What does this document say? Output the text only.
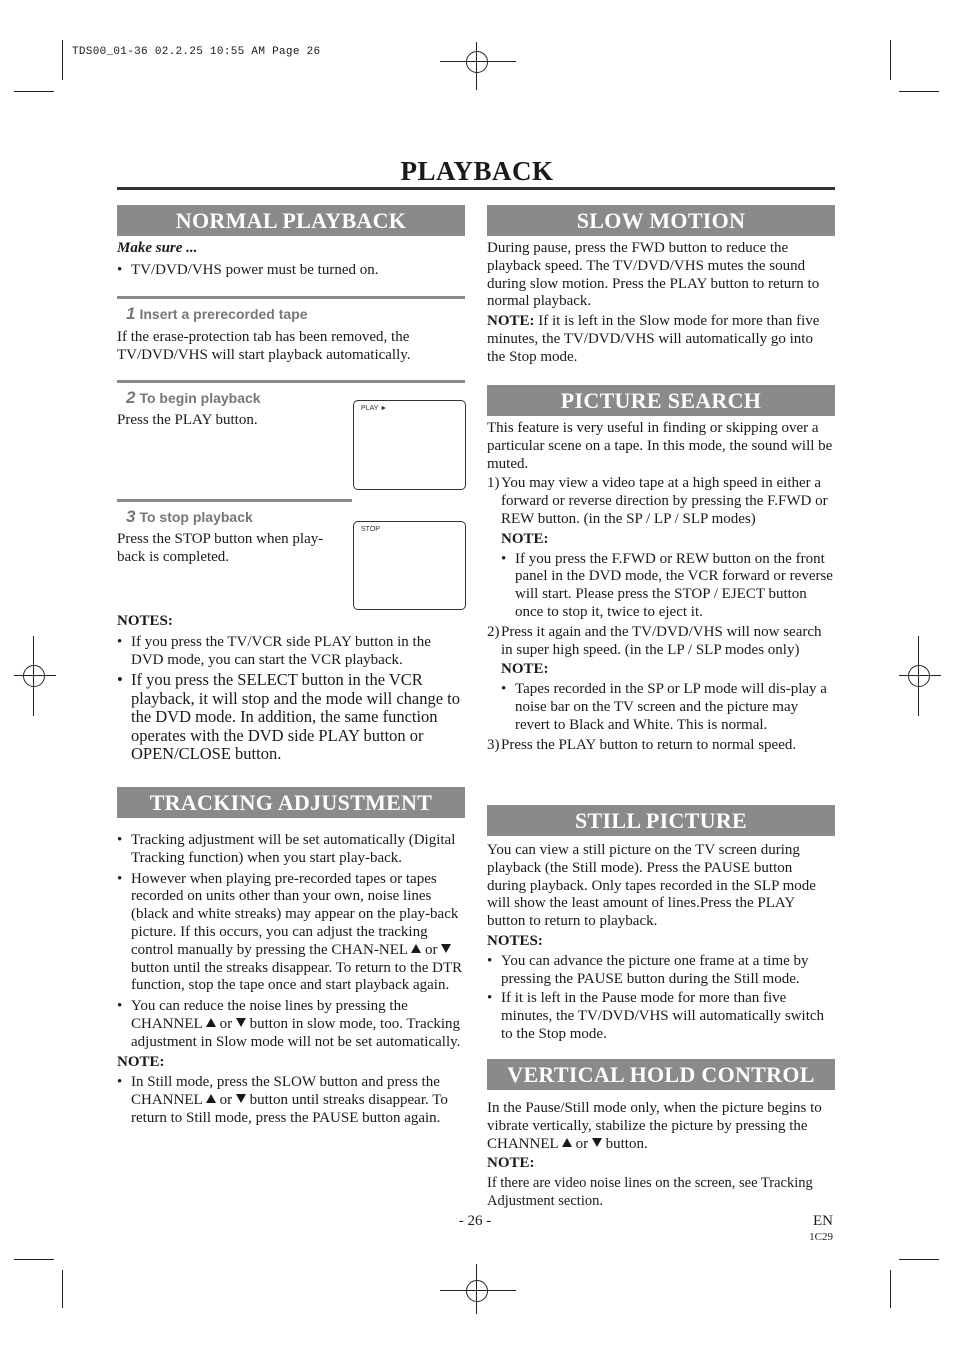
TDS00_01-36 02.2.25 10:55 AM Page 26
PLAYBACK
NORMAL PLAYBACK

Make sure ...

• TV/DVD/VHS power must be turned on.

1 Insert a prerecorded tape
If the erase-protection tab has been removed, the TV/DVD/VHS will start playback automatically.
2 To begin playback
Press the PLAY button.
PLAY ►
3 To stop playback
Press the STOP button when play-back is completed.
STOP

NOTES:

• If you press the TV/VCR side PLAY button in the DVD mode, you can start the VCR playback.

• If you press the SELECT button in the VCR playback, it will stop and the mode will change to the DVD mode. In addition, the same function operates with the DVD side PLAY button or OPEN/CLOSE button.

TRACKING ADJUSTMENT

• Tracking adjustment will be set automatically (Digital Tracking function) when you start play-back.

• However when playing pre-recorded tapes or tapes recorded on units other than your own, noise lines (black and white streaks) may appear on the play-back picture. If this occurs, you can adjust the tracking control manually by pressing the CHAN-NEL or  button until the streaks disappear. To return to the DTR function, stop the tape once and start playback again.

• You can reduce the noise lines by pressing the CHANNEL or button in slow mode, too. Tracking adjustment in Slow mode will not be set automatically.

NOTE:

• In Still mode, press the SLOW button and press the CHANNEL or button until streaks disappear. To return to Still mode, press the PAUSE button again.

SLOW MOTION

During pause, press the FWD button to reduce the playback speed. The TV/DVD/VHS mutes the sound during slow motion. Press the PLAY button to return to normal playback.

NOTE: If it is left in the Slow mode for more than five minutes, the TV/DVD/VHS will automatically go into the Stop mode.

PICTURE SEARCH

This feature is very useful in finding or skipping over a particular scene on a tape. In this mode, the sound will be muted.

1) You may view a video tape at a high speed in either a forward or reverse direction by pressing the F.FWD or REW button. (in the SP / LP / SLP modes)

NOTE:

• If you press the F.FWD or REW button on the front panel in the DVD mode, the VCR forward or reverse will start. Please press the STOP / EJECT button once to stop it, twice to eject it.

2) Press it again and the TV/DVD/VHS will now search in super high speed. (in the LP / SLP modes only)

NOTE:

• Tapes recorded in the SP or LP mode will dis-play a noise bar on the TV screen and the picture may revert to Black and White. This is normal.

3) Press the PLAY button to return to normal speed.

STILL PICTURE

You can view a still picture on the TV screen during playback (the Still mode). Press the PAUSE button during playback. Only tapes recorded in the SLP mode will show the least amount of lines.Press the PLAY button to return to playback.

NOTES:

• You can advance the picture one frame at a time by pressing the PAUSE button during the Still mode.

• If it is left in the Pause mode for more than five minutes, the TV/DVD/VHS will automatically switch to the Stop mode.

VERTICAL HOLD CONTROL

In the Pause/Still mode only, when the picture begins to vibrate vertically, stabilize the picture by pressing the CHANNEL or button.

NOTE:

If there are video noise lines on the screen, see Tracking Adjustment section.

- 26 -	EN
1C29
